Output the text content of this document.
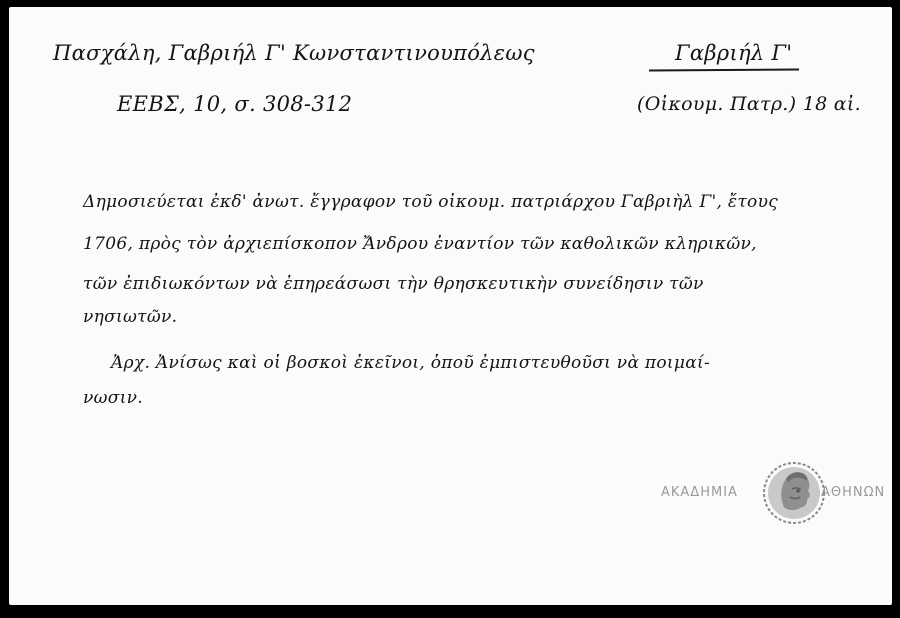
Πασχάλη, Γαβριήλ Γ' Κωνσταντινουπόλεως
ΕΕΒΣ, 10, σ. 308-312
Γαβριήλ Γ'
(Οἰκουμ. Πατρ.) 18 αἰ.
Δημοσιεύεται ἐκδ' ἀνωτ. ἔγγραφον τοῦ οἰκουμ. πατριάρχου Γαβριὴλ Γ', ἔτους
1706, πρὸς τὸν ἀρχιεπίσκοπον Ἄνδρου ἐναντίον τῶν καθολικῶν κληρικῶν,
τῶν ἐπιδιωκόντων νὰ ἐπηρεάσωσι τὴν θρησκευτικὴν συνείδησιν τῶν
νησιωτῶν.
Ἀρχ. Ἀνίσως καὶ οἱ βοσκοὶ ἐκεῖνοι, ὁποῦ ἐμπιστευθοῦσι νὰ ποιμαί-
νωσιν.
ΑΚΑΔΗΜΙΑ	ΑΘΗΝΩΝ
